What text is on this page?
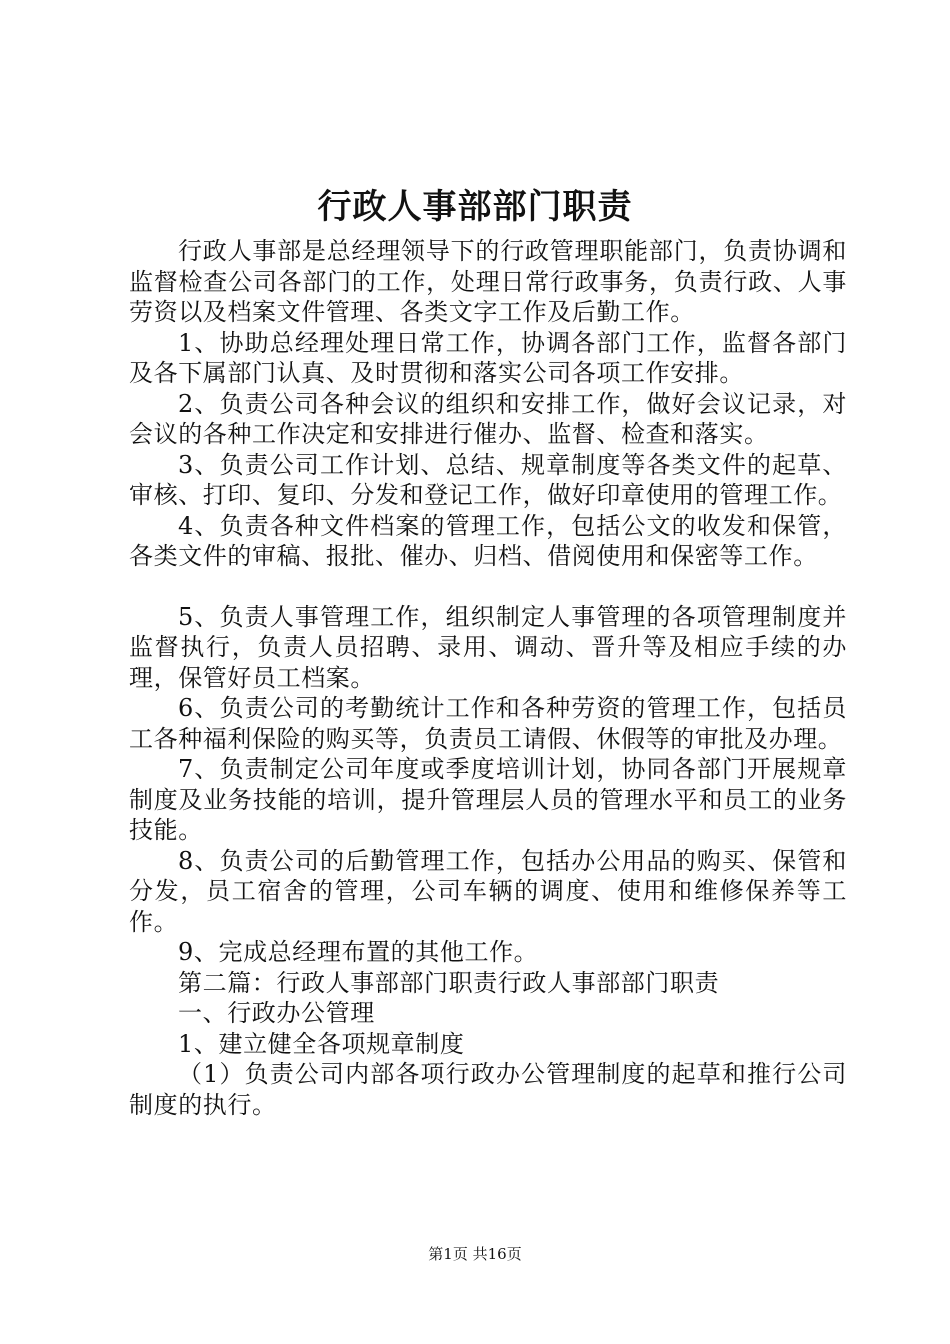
行政人事部部门职责

行政人事部是总经理领导下的行政管理职能部门，负责协调和监督检查公司各部门的工作，处理日常行政事务，负责行政、人事劳资以及档案文件管理、各类文字工作及后勤工作。

1、协助总经理处理日常工作，协调各部门工作，监督各部门及各下属部门认真、及时贯彻和落实公司各项工作安排。

2、负责公司各种会议的组织和安排工作，做好会议记录，对会议的各种工作决定和安排进行催办、监督、检查和落实。

3、负责公司工作计划、总结、规章制度等各类文件的起草、审核、打印、复印、分发和登记工作，做好印章使用的管理工作。

4、负责各种文件档案的管理工作，包括公文的收发和保管，各类文件的审稿、报批、催办、归档、借阅使用和保密等工作。

5、负责人事管理工作，组织制定人事管理的各项管理制度并监督执行，负责人员招聘、录用、调动、晋升等及相应手续的办理，保管好员工档案。

6、负责公司的考勤统计工作和各种劳资的管理工作，包括员工各种福利保险的购买等，负责员工请假、休假等的审批及办理。

7、负责制定公司年度或季度培训计划，协同各部门开展规章制度及业务技能的培训，提升管理层人员的管理水平和员工的业务技能。

8、负责公司的后勤管理工作，包括办公用品的购买、保管和分发，员工宿舍的管理，公司车辆的调度、使用和维修保养等工作。

9、完成总经理布置的其他工作。

第二篇：行政人事部部门职责行政人事部部门职责

一、行政办公管理

1、建立健全各项规章制度

（1）负责公司内部各项行政办公管理制度的起草和推行公司制度的执行。

第1页 共16页
